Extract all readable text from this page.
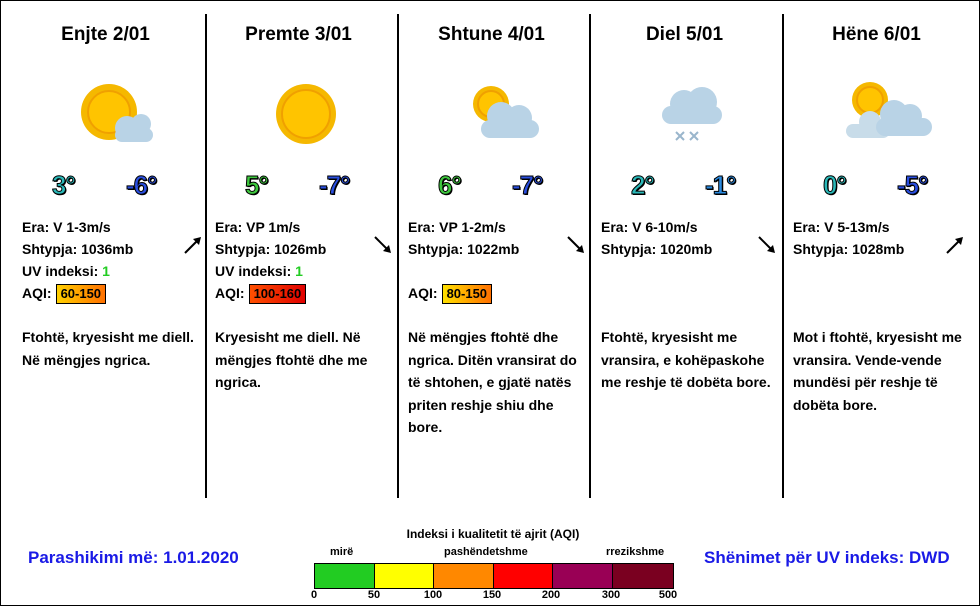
Enjte 2/01
3° -6°
Era: V 1-3m/s
Shtypja: 1036mb
UV indeksi: 1
AQI: 60-150
Ftohtë, kryesisht me diell. Në mëngjes ngrica.
Premte 3/01
5° -7°
Era: VP 1m/s
Shtypja: 1026mb
UV indeksi: 1
AQI: 100-160
Kryesisht me diell. Në mëngjes ftohtë dhe me ngrica.
Shtune 4/01
6° -7°
Era: VP 1-2m/s
Shtypja: 1022mb

AQI: 80-150
Në mëngjes ftohtë dhe ngrica. Ditën vransirat do të shtohen, e gjatë natës priten reshje shiu dhe bore.
Diel 5/01
2° -1°
Era: V 6-10m/s
Shtypja: 1020mb
Ftohtë, kryesisht me vransira, e kohëpaskohe me reshje të dobëta bore.
Hëne 6/01
0° -5°
Era: V 5-13m/s
Shtypja: 1028mb
Mot i ftohtë, kryesisht me vransira. Vende-vende mundësi për reshje të dobëta bore.
Parashikimi më: 1.01.2020	Shënimet për UV indeks: DWD
Indeksi i kualitetit të ajrit (AQI)
mirë	pashëndetshme	rrezikshme
0	50	100	150	200	300	500
